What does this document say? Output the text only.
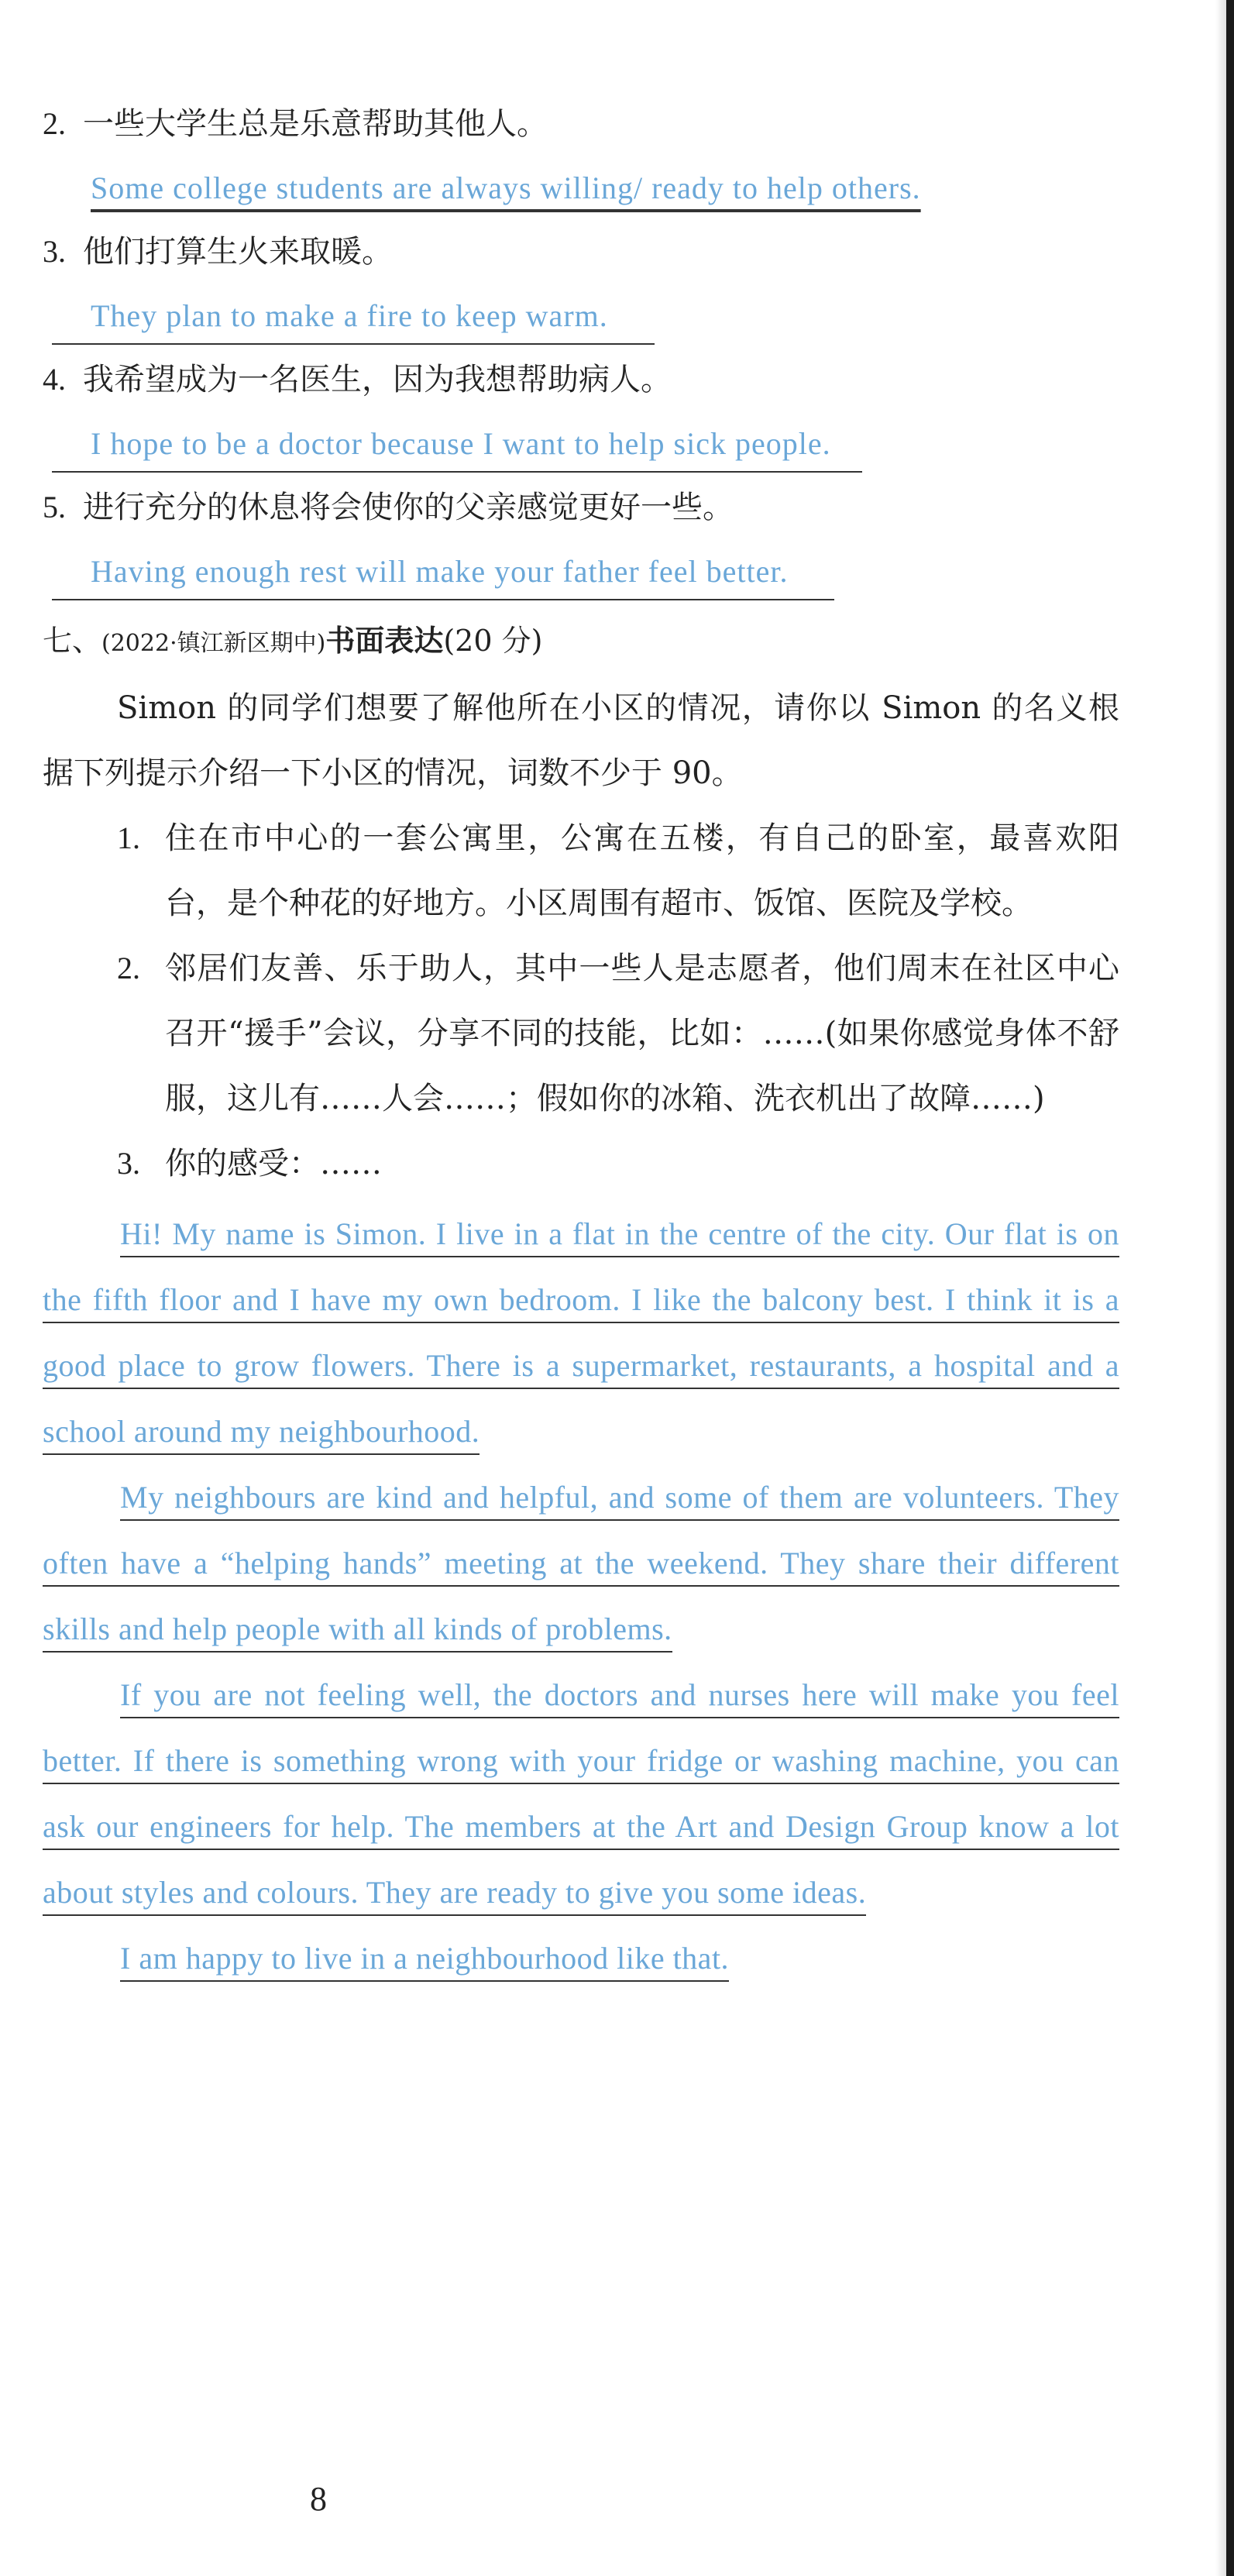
2. 一些大学生总是乐意帮助其他人。
Some college students are always willing/ ready to help others.
3. 他们打算生火来取暖。
They plan to make a fire to keep warm.
4. 我希望成为一名医生，因为我想帮助病人。
I hope to be a doctor because I want to help sick people.
5. 进行充分的休息将会使你的父亲感觉更好一些。
Having enough rest will make your father feel better.
七、(2022·镇江新区期中)书面表达(20 分)
Simon 的同学们想要了解他所在小区的情况，请你以 Simon 的名义根据下列提示介绍一下小区的情况，词数不少于 90。
1. 住在市中心的一套公寓里，公寓在五楼，有自己的卧室，最喜欢阳台，是个种花的好地方。小区周围有超市、饭馆、医院及学校。
2. 邻居们友善、乐于助人，其中一些人是志愿者，他们周末在社区中心召开“援手”会议，分享不同的技能，比如：……(如果你感觉身体不舒服，这儿有……人会……；假如你的冰箱、洗衣机出了故障……)
3. 你的感受：……
Hi! My name is Simon. I live in a flat in the centre of the city. Our flat is on the fifth floor and I have my own bedroom. I like the balcony best. I think it is a good place to grow flowers. There is a supermarket, restaurants, a hospital and a school around my neighbourhood.
My neighbours are kind and helpful, and some of them are volunteers. They often have a “helping hands” meeting at the weekend. They share their different skills and help people with all kinds of problems.
If you are not feeling well, the doctors and nurses here will make you feel better. If there is something wrong with your fridge or washing machine, you can ask our engineers for help. The members at the Art and Design Group know a lot about styles and colours. They are ready to give you some ideas.
I am happy to live in a neighbourhood like that.
8
